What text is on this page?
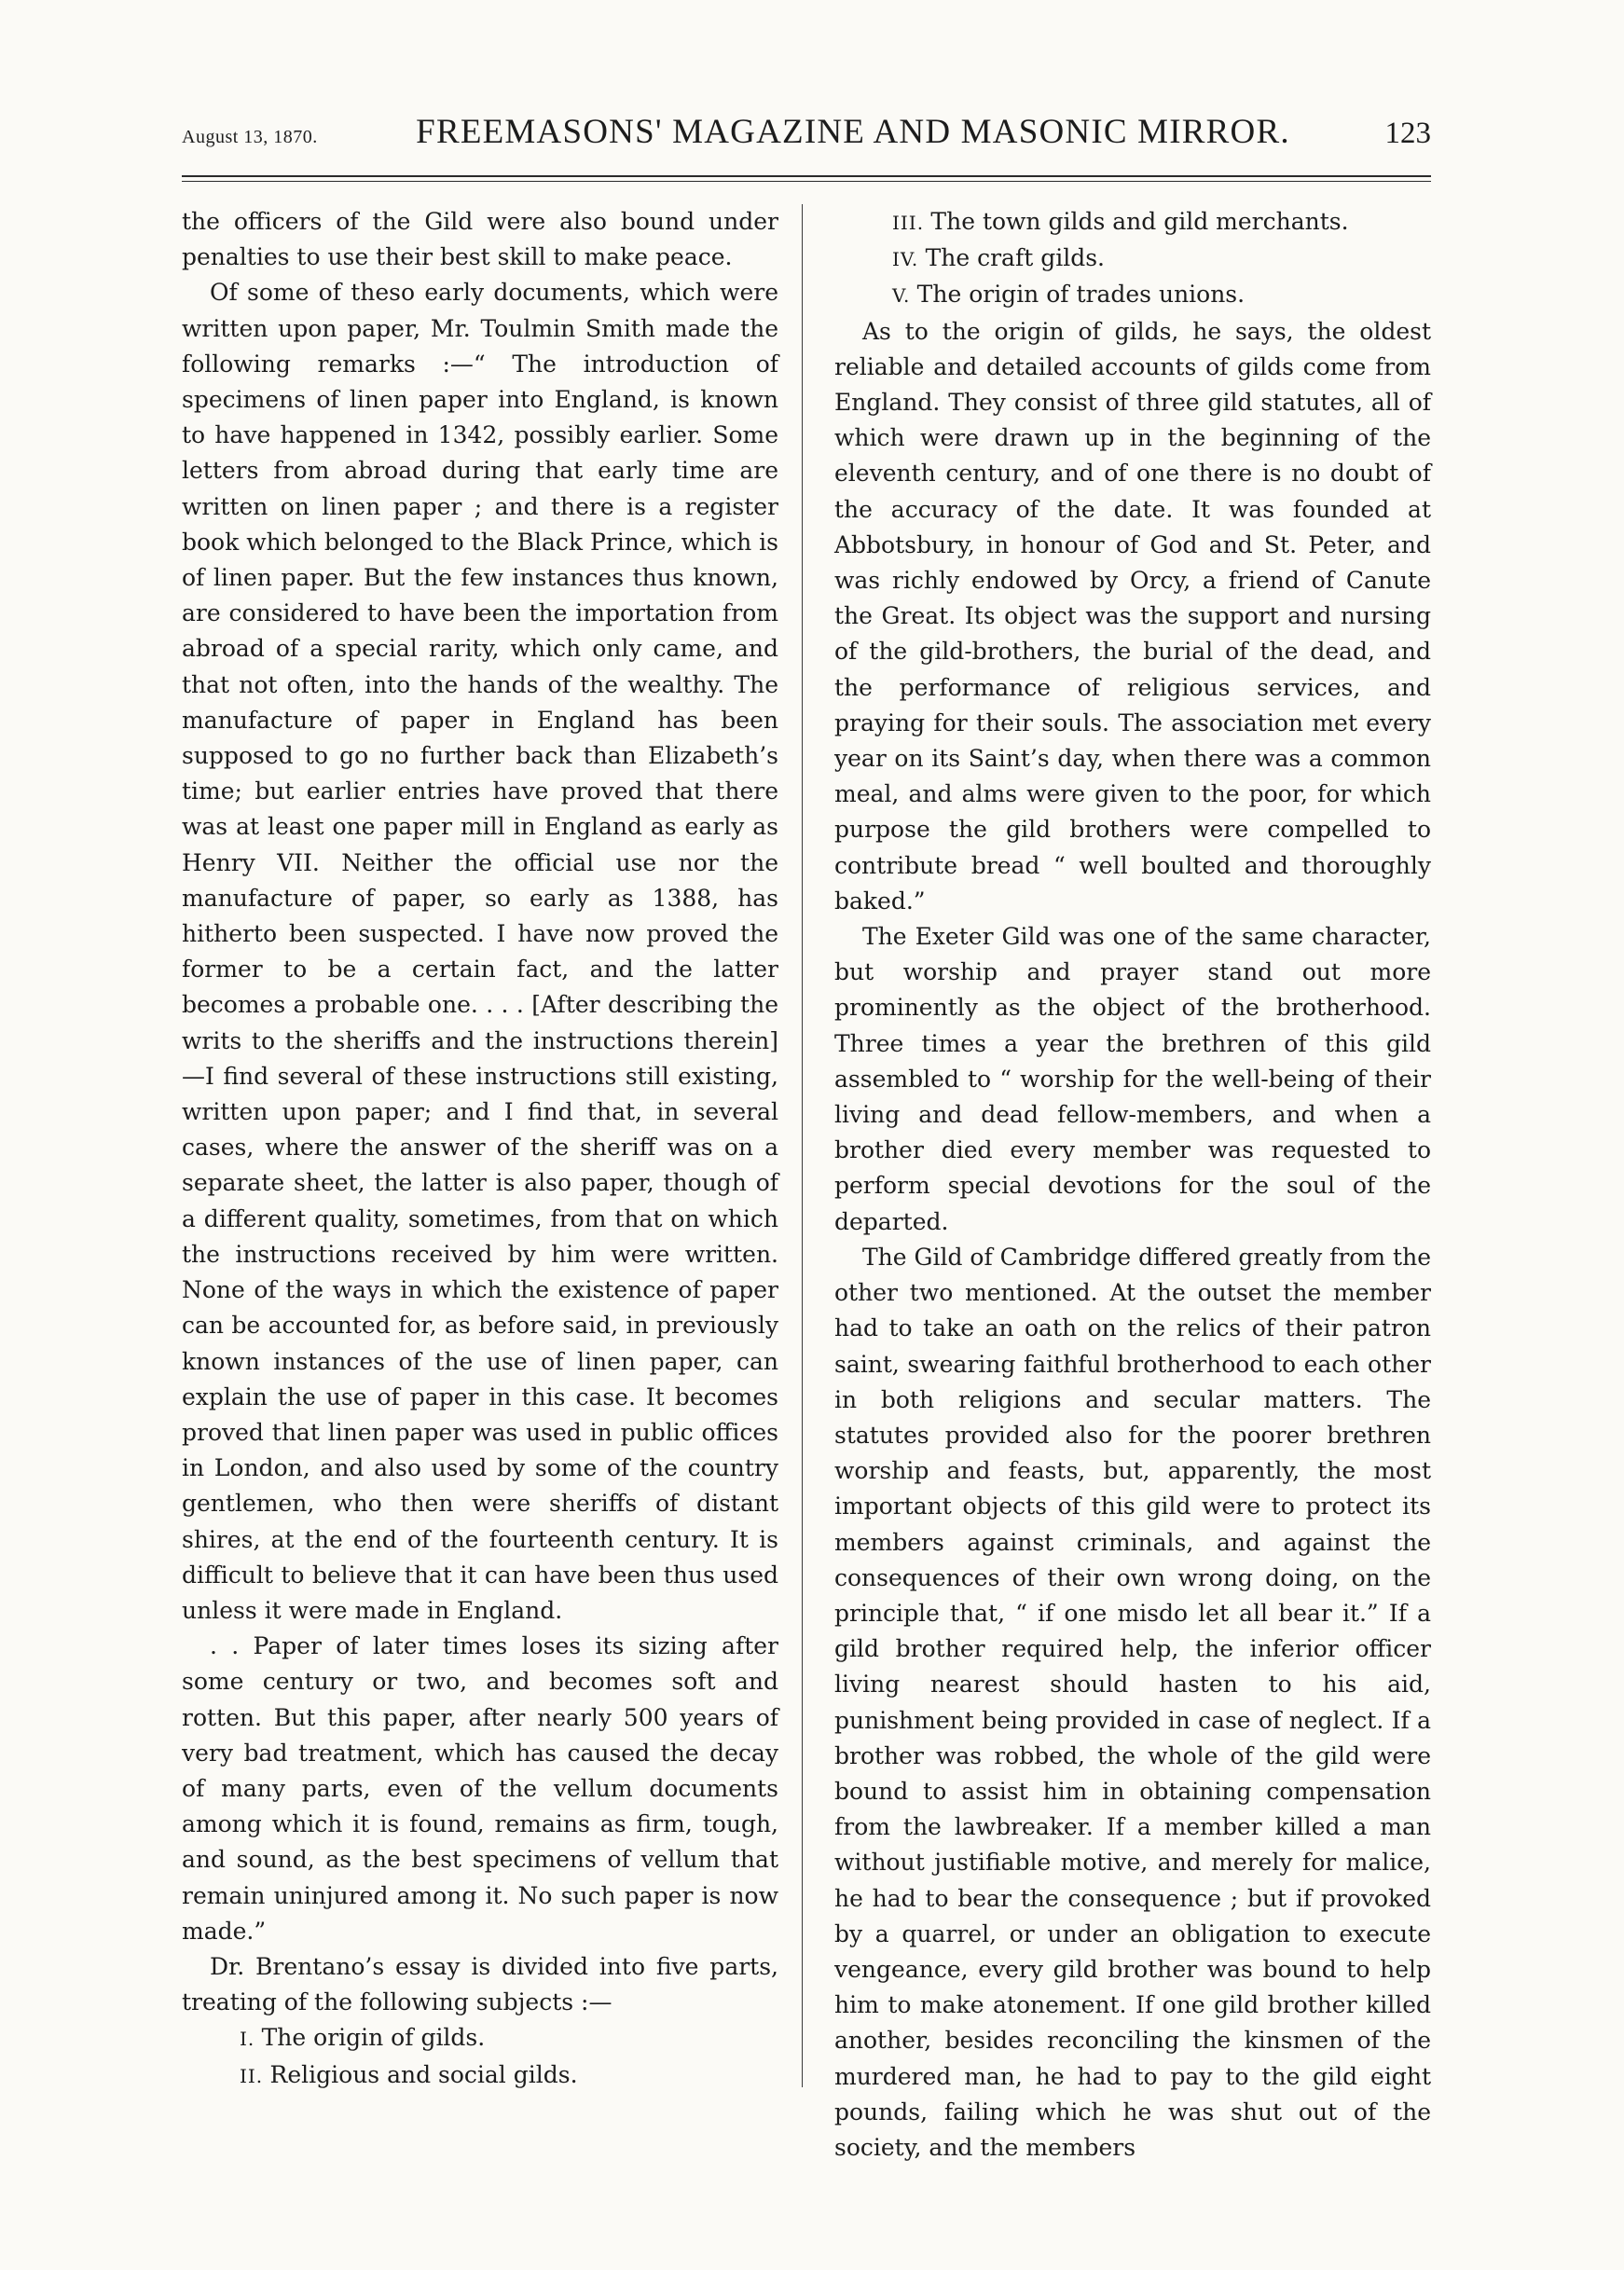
August 13, 1870.	FREEMASONS' MAGAZINE AND MASONIC MIRROR.	123

the officers of the Gild were also bound under penalties to use their best skill to make peace.

Of some of theso early documents, which were written upon paper, Mr. Toulmin Smith made the following remarks :—“ The introduction of specimens of linen paper into England, is known to have happened in 1342, possibly earlier. Some letters from abroad during that early time are written on linen paper ; and there is a register book which belonged to the Black Prince, which is of linen paper. But the few instances thus known, are considered to have been the importation from abroad of a special rarity, which only came, and that not often, into the hands of the wealthy. The manufacture of paper in England has been supposed to go no further back than Elizabeth’s time; but earlier entries have proved that there was at least one paper mill in England as early as Henry VII. Neither the official use nor the manufacture of paper, so early as 1388, has hitherto been suspected. I have now proved the former to be a certain fact, and the latter becomes a probable one. . . . [After describing the writs to the sheriffs and the instructions therein]—I find several of these instructions still existing, written upon paper; and I find that, in several cases, where the answer of the sheriff was on a separate sheet, the latter is also paper, though of a different quality, sometimes, from that on which the instructions received by him were written. None of the ways in which the existence of paper can be accounted for, as before said, in previously known instances of the use of linen paper, can explain the use of paper in this case. It becomes proved that linen paper was used in public offices in London, and also used by some of the country gentlemen, who then were sheriffs of distant shires, at the end of the fourteenth century. It is difficult to believe that it can have been thus used unless it were made in England.

. . Paper of later times loses its sizing after some century or two, and becomes soft and rotten. But this paper, after nearly 500 years of very bad treatment, which has caused the decay of many parts, even of the vellum documents among which it is found, remains as firm, tough, and sound, as the best specimens of vellum that remain uninjured among it. No such paper is now made.”

Dr. Brentano’s essay is divided into five parts, treating of the following subjects :—

I. The origin of gilds.
II. Religious and social gilds.
III. The town gilds and gild merchants.
IV. The craft gilds.
V. The origin of trades unions.

As to the origin of gilds, he says, the oldest reliable and detailed accounts of gilds come from England. They consist of three gild statutes, all of which were drawn up in the beginning of the eleventh century, and of one there is no doubt of the accuracy of the date. It was founded at Abbotsbury, in honour of God and St. Peter, and was richly endowed by Orcy, a friend of Canute the Great. Its object was the support and nursing of the gild-brothers, the burial of the dead, and the performance of religious services, and praying for their souls. The association met every year on its Saint’s day, when there was a common meal, and alms were given to the poor, for which purpose the gild brothers were compelled to contribute bread “ well boulted and thoroughly baked.”

The Exeter Gild was one of the same character, but worship and prayer stand out more prominently as the object of the brotherhood. Three times a year the brethren of this gild assembled to “ worship for the well-being of their living and dead fellow-members, and when a brother died every member was requested to perform special devotions for the soul of the departed.

The Gild of Cambridge differed greatly from the other two mentioned. At the outset the member had to take an oath on the relics of their patron saint, swearing faithful brotherhood to each other in both religions and secular matters. The statutes provided also for the poorer brethren worship and feasts, but, apparently, the most important objects of this gild were to protect its members against criminals, and against the consequences of their own wrong doing, on the principle that, “ if one misdo let all bear it.” If a gild brother required help, the inferior officer living nearest should hasten to his aid, punishment being provided in case of neglect. If a brother was robbed, the whole of the gild were bound to assist him in obtaining compensation from the lawbreaker. If a member killed a man without justifiable motive, and merely for malice, he had to bear the consequence ; but if provoked by a quarrel, or under an obligation to execute vengeance, every gild brother was bound to help him to make atonement. If one gild brother killed another, besides reconciling the kinsmen of the murdered man, he had to pay to the gild eight pounds, failing which he was shut out of the society, and the members
